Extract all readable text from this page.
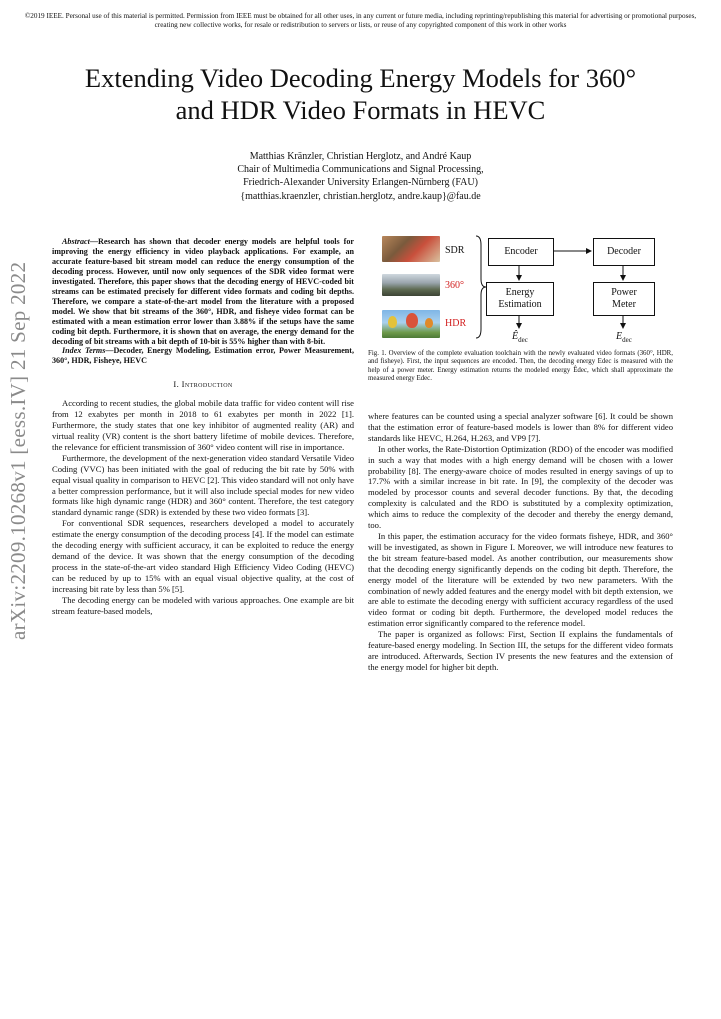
©2019 IEEE. Personal use of this material is permitted. Permission from IEEE must be obtained for all other uses, in any current or future media, including reprinting/republishing this material for advertising or promotional purposes, creating new collective works, for resale or redistribution to servers or lists, or reuse of any copyrighted component of this work in other works
Extending Video Decoding Energy Models for 360°
and HDR Video Formats in HEVC
Matthias Kränzler, Christian Herglotz, and André Kaup
Chair of Multimedia Communications and Signal Processing,
Friedrich-Alexander University Erlangen-Nürnberg (FAU)
{matthias.kraenzler, christian.herglotz, andre.kaup}@fau.de
arXiv:2209.10268v1 [eess.IV] 21 Sep 2022

Abstract—Research has shown that decoder energy models are helpful tools for improving the energy efficiency in video playback applications. For example, an accurate feature-based bit stream model can reduce the energy consumption of the decoding process. However, until now only sequences of the SDR video format were investigated. Therefore, this paper shows that the decoding energy of HEVC-coded bit streams can be estimated precisely for different video formats and coding bit depths. Therefore, we compare a state-of-the-art model from the literature with a proposed model. We show that bit streams of the 360°, HDR, and fisheye video format can be estimated with a mean estimation error lower than 3.88% if the setups have the same coding bit depth. Furthermore, it is shown that on average, the energy demand for the decoding of bit streams with a bit depth of 10-bit is 55% higher than with 8-bit.

Index Terms—Decoder, Energy Modeling, Estimation error, Power Measurement, 360°, HDR, Fisheye, HEVC

I. Introduction

According to recent studies, the global mobile data traffic for video content will rise from 12 exabytes per month in 2018 to 61 exabytes per month in 2022 [1]. Furthermore, the study states that one key inhibitor of augmented reality (AR) and virtual reality (VR) content is the short battery lifetime of mobile devices. Therefore, the relevance for efficient transmission of 360° video content will rise in importance.

Furthermore, the development of the next-generation video standard Versatile Video Coding (VVC) has been initiated with the goal of reducing the bit rate by 50% with equal visual quality in comparison to HEVC [2]. This video standard will not only have a better compression performance, but it will also include special modes for new video formats like high dynamic range (HDR) and 360° content. Therefore, the test category standard dynamic range (SDR) is extended by these two video formats [3].

For conventional SDR sequences, researchers developed a model to accurately estimate the energy consumption of the decoding process [4]. If the model can estimate the decoding energy with sufficient accuracy, it can be exploited to reduce the energy demand of the device. It was shown that the energy consumption of the decoding process in the state-of-the-art video standard High Efficiency Video Coding (HEVC) can be reduced by up to 15% with an equal visual objective quality, at the cost of increasing bit rate by less than 5% [5].

The decoding energy can be modeled with various approaches. One example are bit stream feature-based models,

SDR
360°
HDR
Encoder	Decoder
Energy
Estimation
Power
Meter
$Ê_{dec}$	$E_{dec}$
Fig. 1. Overview of the complete evaluation toolchain with the newly evaluated video formats (360°, HDR, and fisheye). First, the input sequences are encoded. Then, the decoding energy Edec is measured with the help of a power meter. Energy estimation returns the modeled energy Êdec, which shall approximate the measured energy Edec.

where features can be counted using a special analyzer software [6]. It could be shown that the estimation error of feature-based models is lower than 8% for different video standards like HEVC, H.264, H.263, and VP9 [7].

In other works, the Rate-Distortion Optimization (RDO) of the encoder was modified in such a way that modes with a high energy demand will be chosen with a lower probability [8]. The energy-aware choice of modes resulted in energy savings of up to 17.7% with a similar increase in bit rate. In [9], the complexity of the decoder was modeled by processor counts and several decoder functions. By that, the decoding complexity is calculated and the RDO is substituted by a complexity optimization, which aims to reduce the complexity of the decoder and thereby the energy demand, too.

In this paper, the estimation accuracy for the video formats fisheye, HDR, and 360° will be investigated, as shown in Figure I. Moreover, we will introduce new features to the bit stream feature-based model. As another contribution, our measurements show that the decoding energy significantly depends on the coding bit depth. Therefore, the energy model of the literature will be extended by two new parameters. With the combination of newly added features and the energy model with bit depth extension, we are able to estimate the decoding energy with sufficient accuracy regardless of the used video format or coding bit depth. Furthermore, the developed model reduces the estimation error significantly compared to the reference model.

The paper is organized as follows: First, Section II explains the fundamentals of feature-based energy modeling. In Section III, the setups for the different video formats are introduced. Afterwards, Section IV presents the new features and the extension of the energy model for higher bit depth.
